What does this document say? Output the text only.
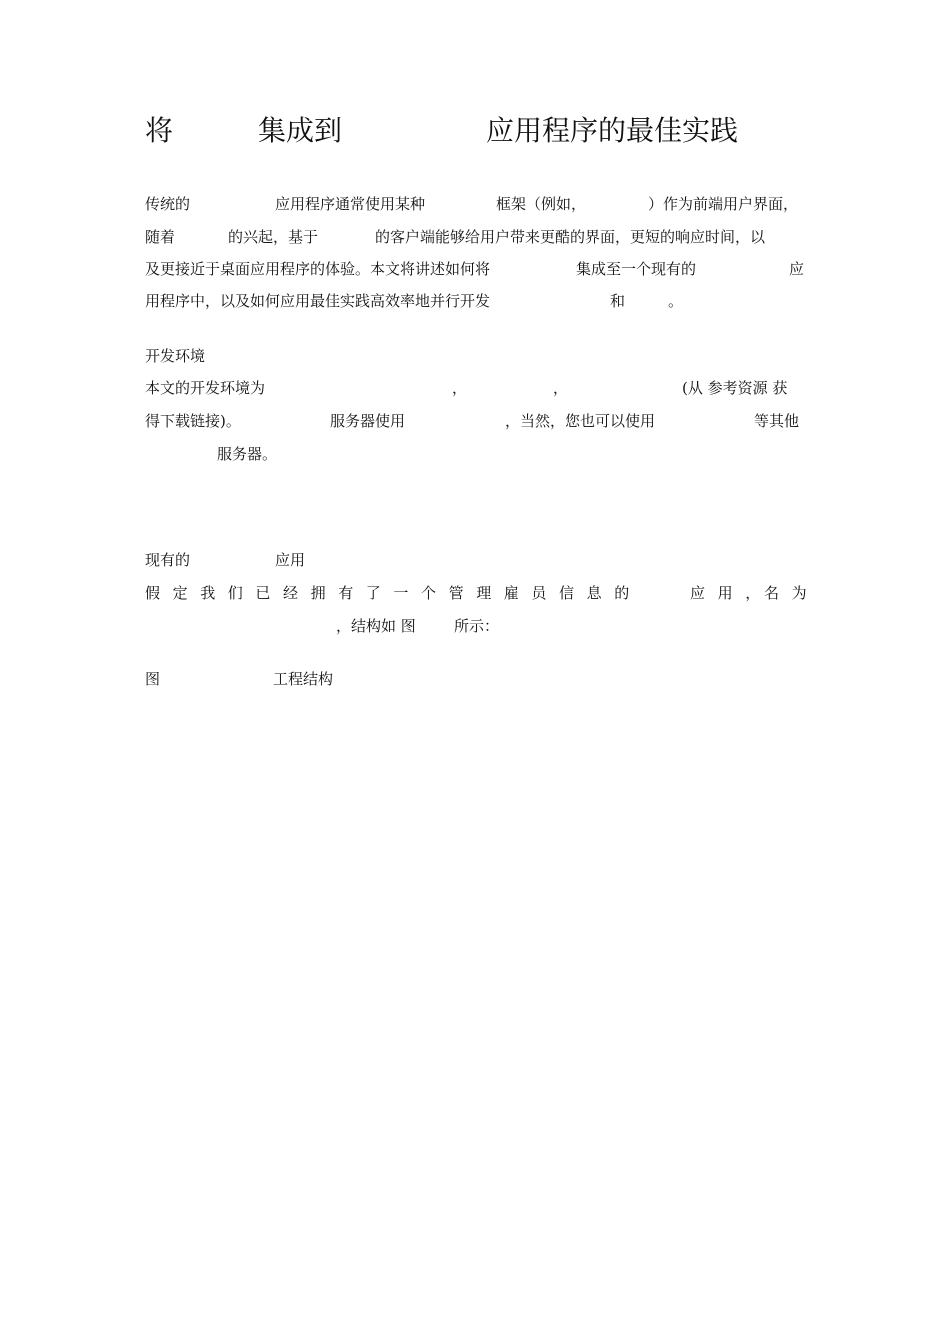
将	集成到	应用程序的最佳实践
传统的	应用程序通常使用某种	框架（例如，	）作为前端用户界面，
随着	的兴起，基于	的客户端能够给用户带来更酷的界面，更短的响应时间，以
及更接近于桌面应用程序的体验。本文将讲述如何将	集成至一个现有的	应
用程序中，以及如何应用最佳实践高效率地并行开发	和	。
开发环境
本文的开发环境为	，	，	(从 参考资源 获
得下载链接)。	服务器使用	，当然，您也可以使用	等其他
服务器。
现有的	应用
假定我们已经拥有了一个管理雇员信息的	应用，
名为
，结构如 图	所示：
图	工程结构
